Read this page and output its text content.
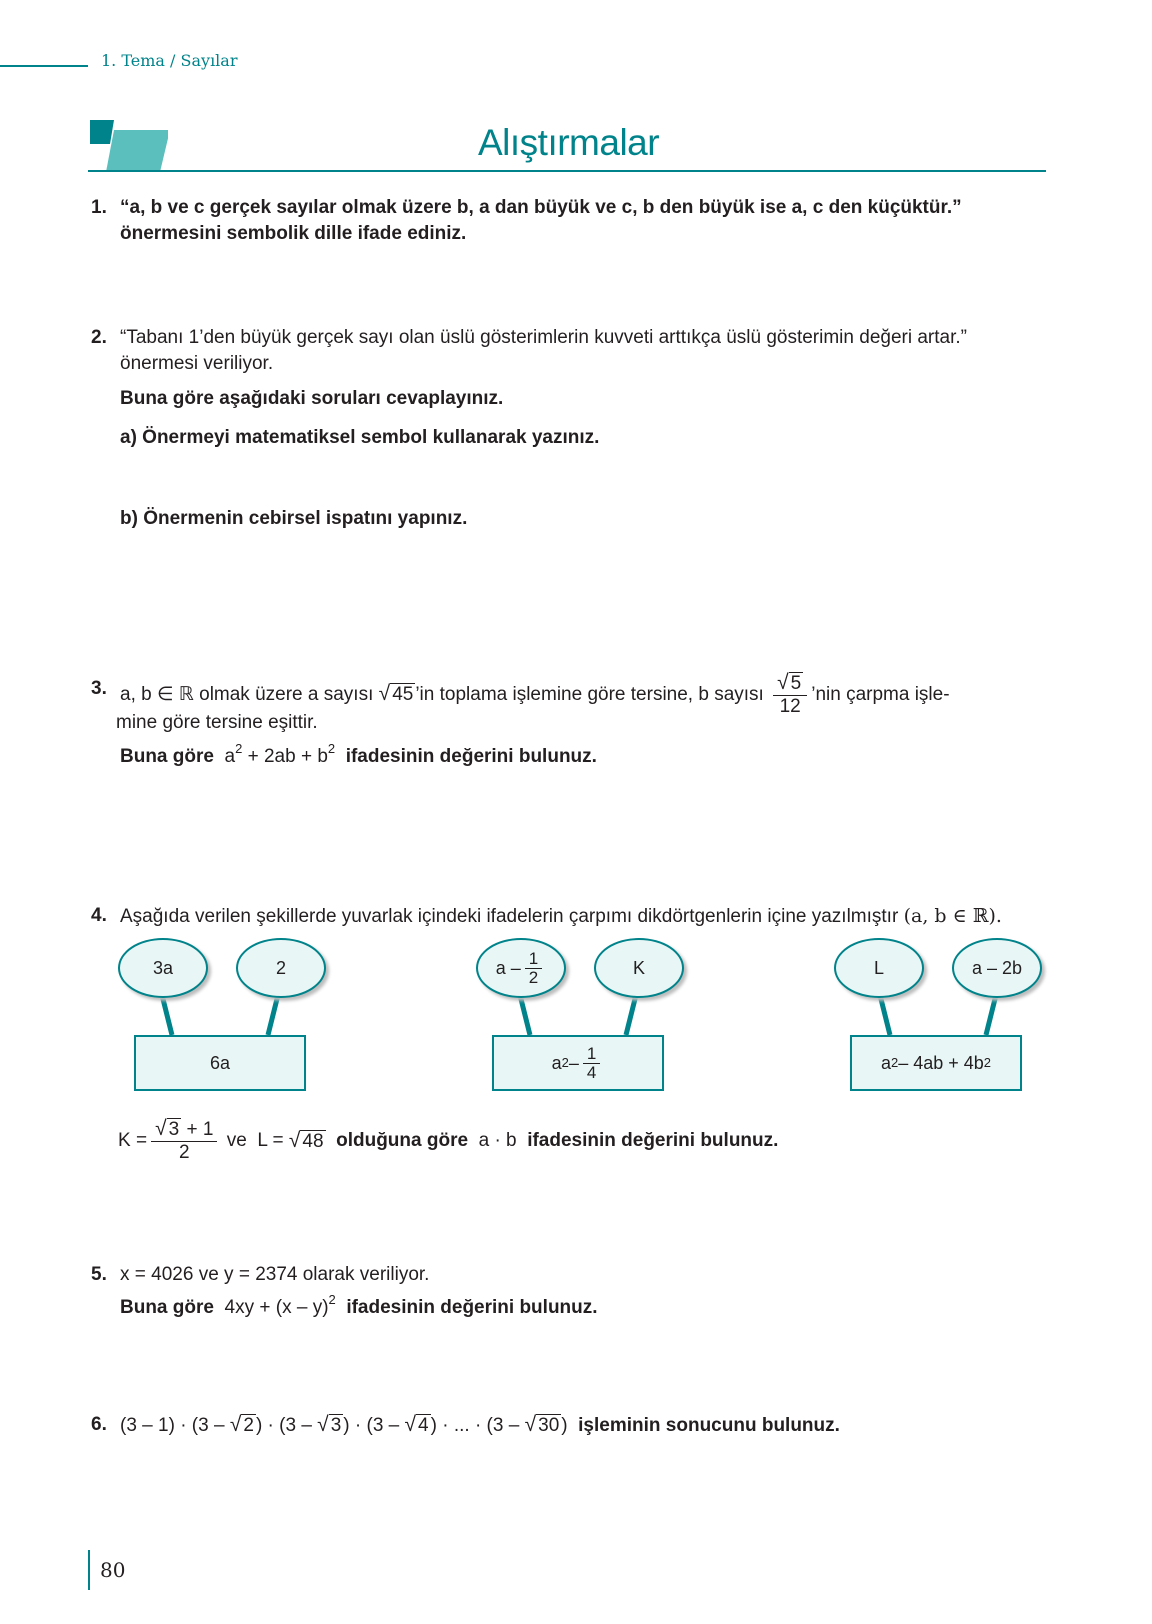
1. Tema / Sayılar
Alıştırmalar
1. “a, b ve c gerçek sayılar olmak üzere b, a dan büyük ve c, b den büyük ise a, c den küçüktür.” önermesini sembolik dille ifade ediniz.
2. “Tabanı 1’den büyük gerçek sayı olan üslü gösterimlerin kuvveti arttıkça üslü gösterimin değeri artar.” önermesi veriliyor.
Buna göre aşağıdaki soruları cevaplayınız.
a) Önermeyi matematiksel sembol kullanarak yazınız.
b) Önermenin cebirsel ispatını yapınız.
3. a, b ∈ ℝ olmak üzere a sayısı √ 45 ’in toplama işlemine göre tersine, b sayısı $\frac{√ 5}{12}$ ’nin çarpma işle-
mine göre tersine eşittir.
Buna göre $a^2 + 2ab + b^2$ ifadesinin değerini bulunuz.
4. Aşağıda verilen şekillerde yuvarlak içindeki ifadelerin çarpımı dikdörtgenlerin içine yazılmıştır (a, b ∈ ℝ).
3a	2
6a
a – $\frac{1}{2}$	K
a $2 - \frac{1}{4}$
L	a – 2b
a 2 – 4ab + 4b 2
$K = \frac{√ 3 + 1}{2}$
ve
L =
√ 48
olduğuna göre
a · b
ifadesinin değerini bulunuz.
5. x = 4026 ve y = 2374 olarak veriliyor.
Buna göre 4xy + (x – y)$^2$ ifadesinin değerini bulunuz.
6. (3 – 1) · (3 – √ 2 ) · (3 – √ 3 ) · (3 – √ 4 ) · ... · (3 – √ 30 ) işleminin sonucunu bulunuz.
80
